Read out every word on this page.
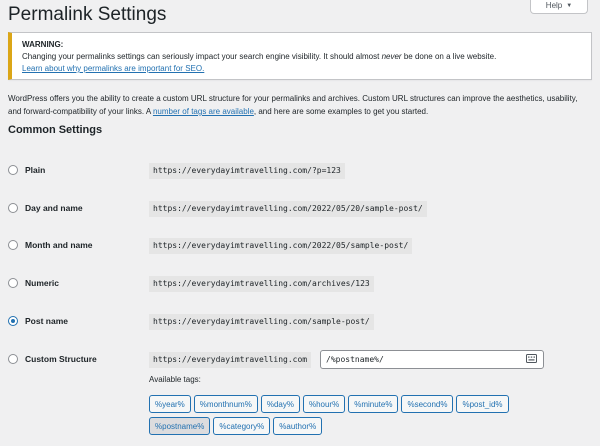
Permalink Settings	Help ▼
WARNING:
Changing your permalinks settings can seriously impact your search engine visibility. It should almost never be done on a live website.
Learn about why permalinks are important for SEO.

WordPress offers you the ability to create a custom URL structure for your permalinks and archives. Custom URL structures can improve the aesthetics, usability, and forward-compatibility of your links. A number of tags are available, and here are some examples to get you started.

Common Settings
Plain	https://everydayimtravelling.com/?p=123
Day and name	https://everydayimtravelling.com/2022/05/20/sample-post/
Month and name	https://everydayimtravelling.com/2022/05/sample-post/
Numeric	https://everydayimtravelling.com/archives/123
Post name	https://everydayimtravelling.com/sample-post/
Custom Structure	https://everydayimtravelling.com
/%postname%/
Available tags:
%year%	%monthnum%	%day%	%hour%	%minute%	%second%	%post_id%
%postname%	%category%	%author%
